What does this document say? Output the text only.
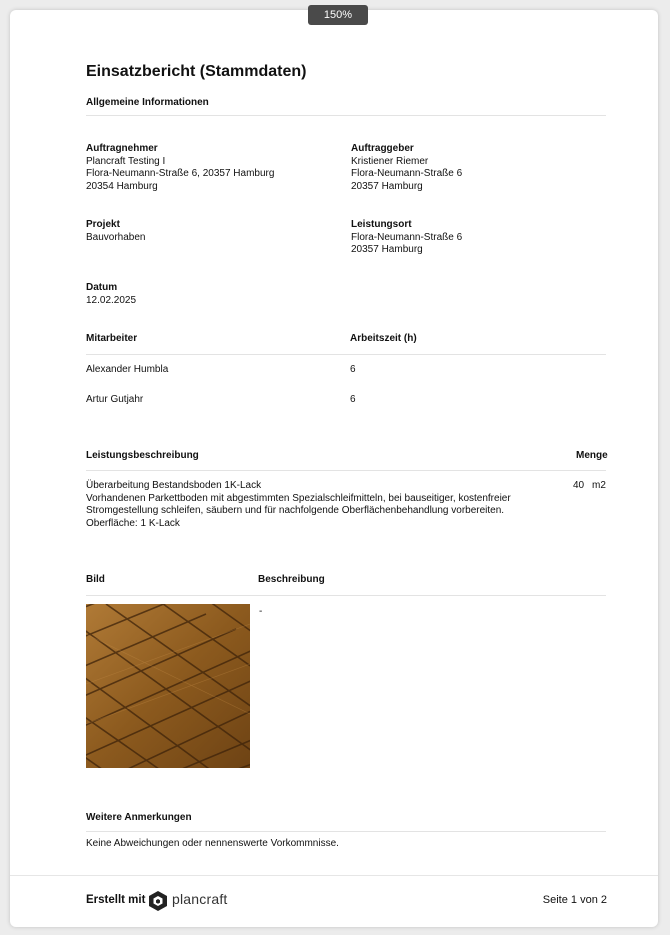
150%
Einsatzbericht (Stammdaten)
Allgemeine Informationen
Auftragnehmer
Plancraft Testing I
Flora-Neumann-Straße 6, 20357 Hamburg
20354 Hamburg
Auftraggeber
Kristiener Riemer
Flora-Neumann-Straße 6
20357 Hamburg
Projekt
Bauvorhaben
Leistungsort
Flora-Neumann-Straße 6
20357 Hamburg
Datum
12.02.2025
Mitarbeiter	Arbeitszeit (h)
Alexander Humbla	6
Artur Gutjahr	6
Leistungsbeschreibung	Menge
Überarbeitung Bestandsboden 1K-Lack
Vorhandenen Parkettboden mit abgestimmten Spezialschleifmitteln, bei bauseitiger, kostenfreier
Stromgestellung schleifen, säubern und für nachfolgende Oberflächenbehandlung vorbereiten.
Oberfläche: 1 K-Lack
40 m2
Bild	Beschreibung
-
Weitere Anmerkungen
Keine Abweichungen oder nennenswerte Vorkommnisse.
Erstellt mit plancraft	Seite 1 von 2
